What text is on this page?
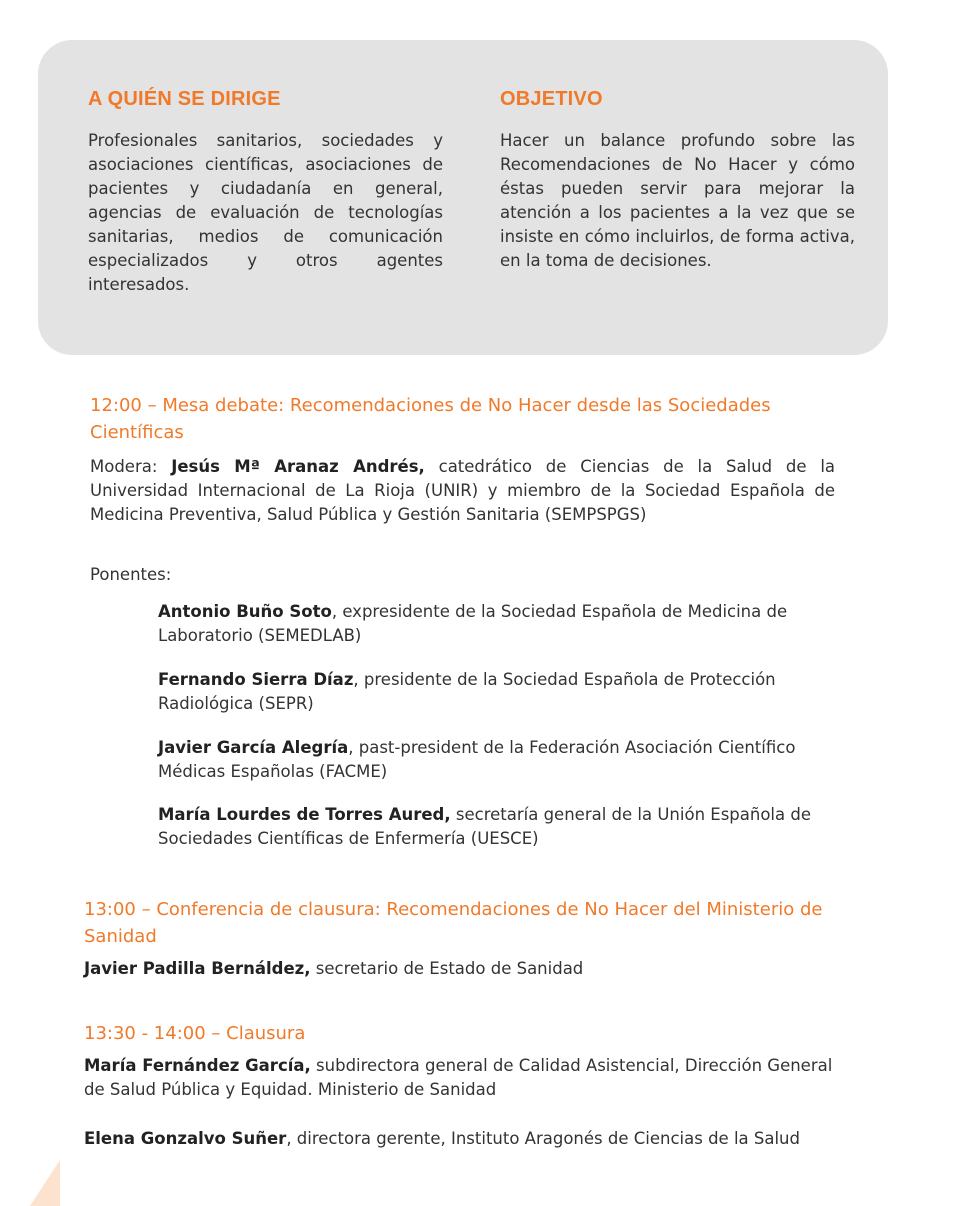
A QUIÉN SE DIRIGE

Profesionales sanitarios, sociedades y asociaciones científicas, asociaciones de pacientes y ciudadanía en general, agencias de evaluación de tecnologías sanitarias, medios de comunicación especializados y otros agentes interesados.

OBJETIVO

Hacer un balance profundo sobre las Recomendaciones de No Hacer y cómo éstas pueden servir para mejorar la atención a los pacientes a la vez que se insiste en cómo incluirlos, de forma activa, en la toma de decisiones.

12:00 – Mesa debate: Recomendaciones de No Hacer desde las Sociedades Científicas

Modera: Jesús Mª Aranaz Andrés, catedrático de Ciencias de la Salud de la Universidad Internacional de La Rioja (UNIR) y miembro de la Sociedad Española de Medicina Preventiva, Salud Pública y Gestión Sanitaria (SEMPSPGS)

Ponentes:

Antonio Buño Soto, expresidente de la Sociedad Española de Medicina de Laboratorio (SEMEDLAB)

Fernando Sierra Díaz, presidente de la Sociedad Española de Protección Radiológica (SEPR)

Javier García Alegría, past-president de la Federación Asociación Científico Médicas Españolas (FACME)

María Lourdes de Torres Aured, secretaría general de la Unión Española de Sociedades Científicas de Enfermería (UESCE)

13:00 – Conferencia de clausura: Recomendaciones de No Hacer del Ministerio de Sanidad

Javier Padilla Bernáldez, secretario de Estado de Sanidad

13:30 - 14:00 – Clausura

María Fernández García, subdirectora general de Calidad Asistencial, Dirección General de Salud Pública y Equidad. Ministerio de Sanidad

Elena Gonzalvo Suñer, directora gerente, Instituto Aragonés de Ciencias de la Salud
